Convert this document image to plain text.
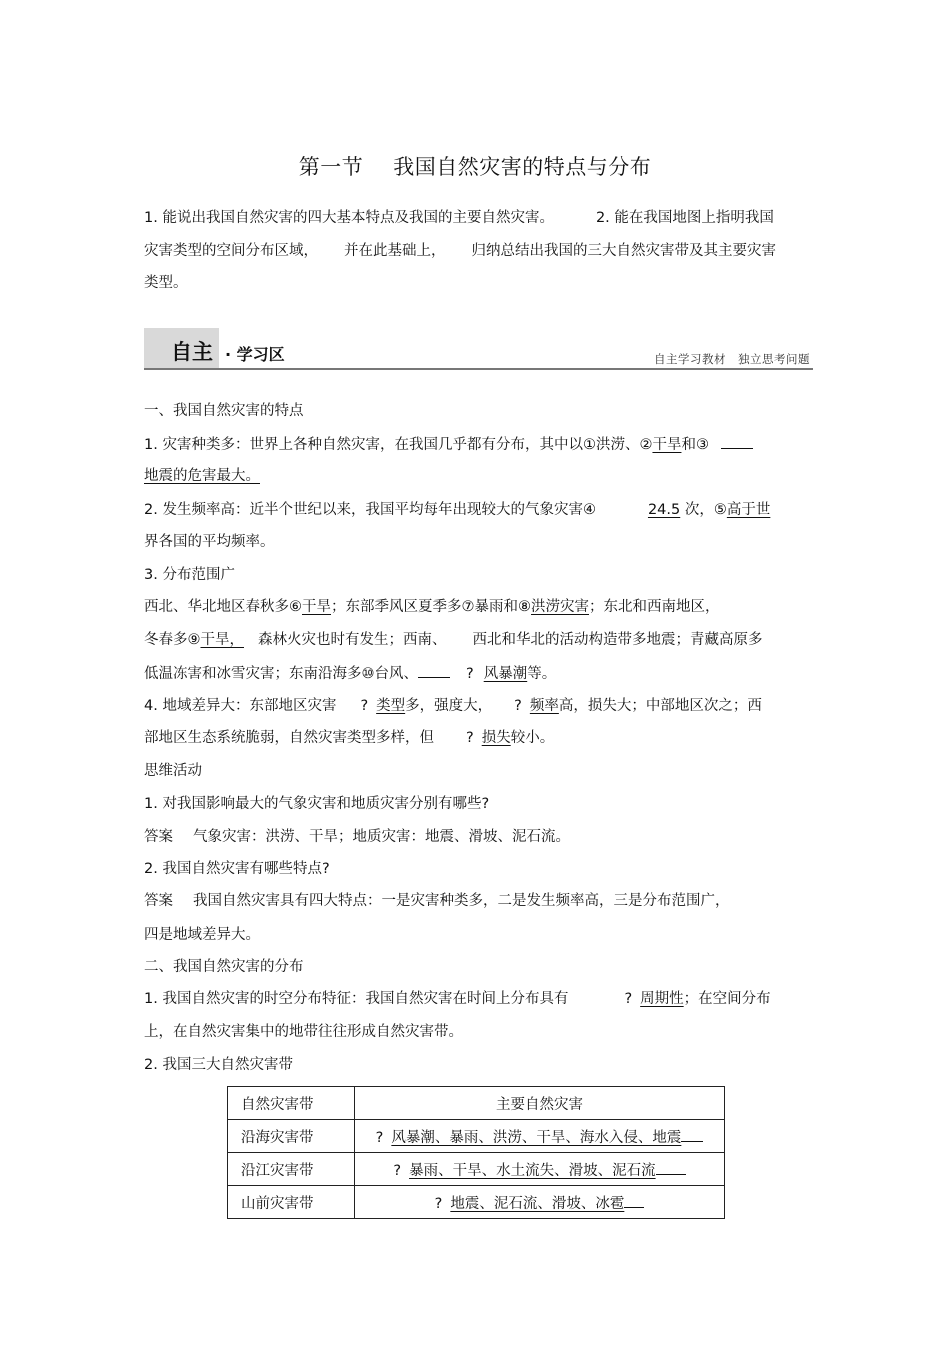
第一节 我国自然灾害的特点与分布
1. 能说出我国自然灾害的四大基本特点及我国的主要自然灾害。	2. 能在我国地图上指明我国
灾害类型的空间分布区域， 并在此基础上， 归纳总结出我国的三大自然灾害带及其主要灾害
类型。
自主 · 学习区	自主学习教材　独立思考问题
一、我国自然灾害的特点
1. 灾害种类多：世界上各种自然灾害，在我国几乎都有分布，其中以①洪涝、②干旱和③
地震的危害最大。
2. 发生频率高：近半个世纪以来，我国平均每年出现较大的气象灾害④	24.5 次，⑤高于世
界各国的平均频率。
3. 分布范围广
西北、华北地区春秋多⑥干旱；东部季风区夏季多⑦暴雨和⑧洪涝灾害；东北和西南地区，
冬春多⑨干旱， 森林火灾也时有发生；西南、 西北和华北的活动构造带多地震；青藏高原多
低温冻害和冰雪灾害；东南沿海多⑩台风、	? 风暴潮等。
4. 地域差异大：东部地区灾害 ? 类型多，强度大， ? 频率高，损失大；中部地区次之；西
部地区生态系统脆弱，自然灾害类型多样，但 ? 损失较小。
思维活动
1. 对我国影响最大的气象灾害和地质灾害分别有哪些?
答案 气象灾害：洪涝、干旱；地质灾害：地震、滑坡、泥石流。
2. 我国自然灾害有哪些特点?
答案 我国自然灾害具有四大特点：一是灾害种类多，二是发生频率高，三是分布范围广，
四是地域差异大。
二、我国自然灾害的分布
1. 我国自然灾害的时空分布特征：我国自然灾害在时间上分布具有	? 周期性；在空间分布
上，在自然灾害集中的地带往往形成自然灾害带。
2. 我国三大自然灾害带
自然灾害带	主要自然灾害
沿海灾害带	? 风暴潮、暴雨、洪涝、干旱、海水入侵、地震
沿江灾害带	? 暴雨、干旱、水土流失、滑坡、泥石流
山前灾害带	? 地震、泥石流、滑坡、冰雹
